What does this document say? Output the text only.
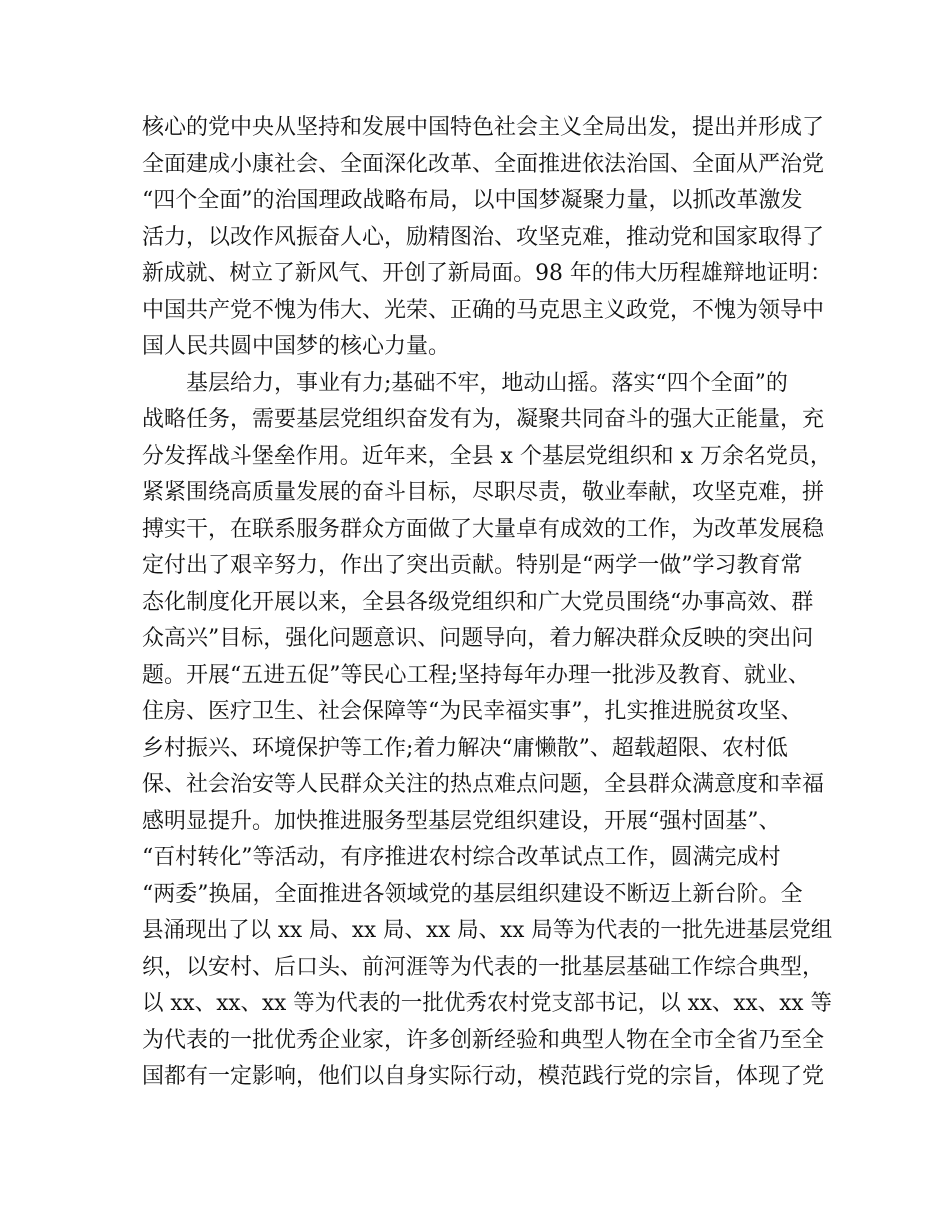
核心的党中央从坚持和发展中国特色社会主义全局出发，提出并形成了
全面建成小康社会、全面深化改革、全面推进依法治国、全面从严治党
“四个全面”的治国理政战略布局，以中国梦凝聚力量，以抓改革激发
活力，以改作风振奋人心，励精图治、攻坚克难，推动党和国家取得了
新成就、树立了新风气、开创了新局面。98 年的伟大历程雄辩地证明：
中国共产党不愧为伟大、光荣、正确的马克思主义政党，不愧为领导中
国人民共圆中国梦的核心力量。
　　基层给力，事业有力;基础不牢，地动山摇。落实“四个全面”的
战略任务，需要基层党组织奋发有为，凝聚共同奋斗的强大正能量，充
分发挥战斗堡垒作用。近年来，全县 x 个基层党组织和 x 万余名党员，
紧紧围绕高质量发展的奋斗目标，尽职尽责，敬业奉献，攻坚克难，拼
搏实干，在联系服务群众方面做了大量卓有成效的工作，为改革发展稳
定付出了艰辛努力，作出了突出贡献。特别是“两学一做”学习教育常
态化制度化开展以来，全县各级党组织和广大党员围绕“办事高效、群
众高兴”目标，强化问题意识、问题导向，着力解决群众反映的突出问
题。开展“五进五促”等民心工程;坚持每年办理一批涉及教育、就业、
住房、医疗卫生、社会保障等“为民幸福实事”，扎实推进脱贫攻坚、
乡村振兴、环境保护等工作;着力解决“庸懒散”、超载超限、农村低
保、社会治安等人民群众关注的热点难点问题，全县群众满意度和幸福
感明显提升。加快推进服务型基层党组织建设，开展“强村固基”、
“百村转化”等活动，有序推进农村综合改革试点工作，圆满完成村
“两委”换届，全面推进各领域党的基层组织建设不断迈上新台阶。全
县涌现出了以 xx 局、xx 局、xx 局、xx 局等为代表的一批先进基层党组
织，以安村、后口头、前河涯等为代表的一批基层基础工作综合典型，
以 xx、xx、xx 等为代表的一批优秀农村党支部书记，以 xx、xx、xx 等
为代表的一批优秀企业家，许多创新经验和典型人物在全市全省乃至全
国都有一定影响，他们以自身实际行动，模范践行党的宗旨，体现了党
